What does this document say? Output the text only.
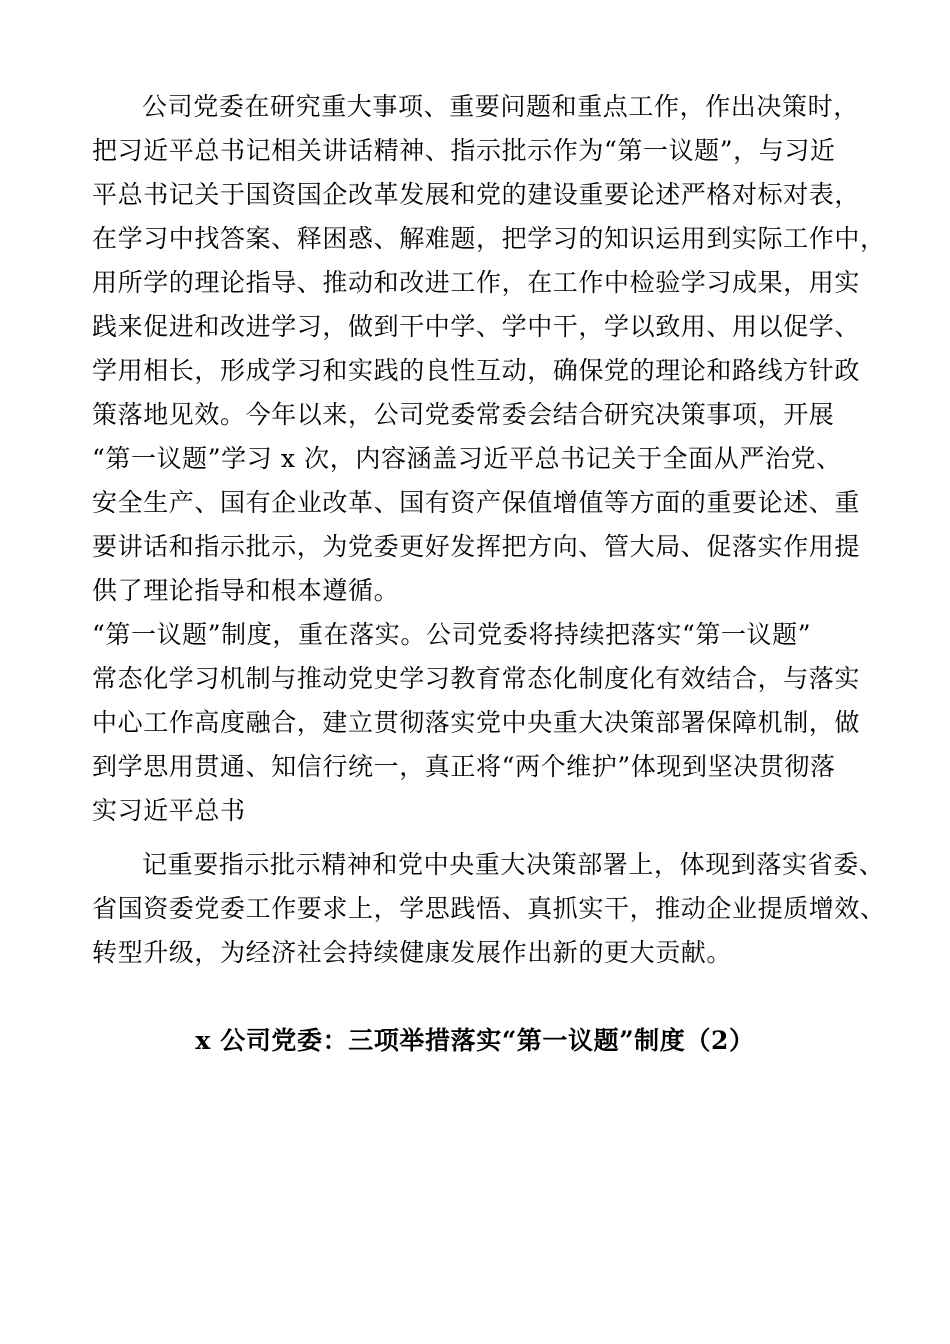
公司党委在研究重大事项、重要问题和重点工作，作出决策时，
把习近平总书记相关讲话精神、指示批示作为“第一议题”，与习近
平总书记关于国资国企改革发展和党的建设重要论述严格对标对表，
在学习中找答案、释困惑、解难题，把学习的知识运用到实际工作中，
用所学的理论指导、推动和改进工作，在工作中检验学习成果，用实
践来促进和改进学习，做到干中学、学中干，学以致用、用以促学、
学用相长，形成学习和实践的良性互动，确保党的理论和路线方针政
策落地见效。今年以来，公司党委常委会结合研究决策事项，开展
“第一议题”学习 x 次，内容涵盖习近平总书记关于全面从严治党、
安全生产、国有企业改革、国有资产保值增值等方面的重要论述、重
要讲话和指示批示，为党委更好发挥把方向、管大局、促落实作用提
供了理论指导和根本遵循。
“第一议题”制度，重在落实。公司党委将持续把落实“第一议题”
常态化学习机制与推动党史学习教育常态化制度化有效结合，与落实
中心工作高度融合，建立贯彻落实党中央重大决策部署保障机制，做
到学思用贯通、知信行统一，真正将“两个维护”体现到坚决贯彻落
实习近平总书
记重要指示批示精神和党中央重大决策部署上，体现到落实省委、
省国资委党委工作要求上，学思践悟、真抓实干，推动企业提质增效、
转型升级，为经济社会持续健康发展作出新的更大贡献。
x 公司党委：三项举措落实“第一议题”制度（2）
